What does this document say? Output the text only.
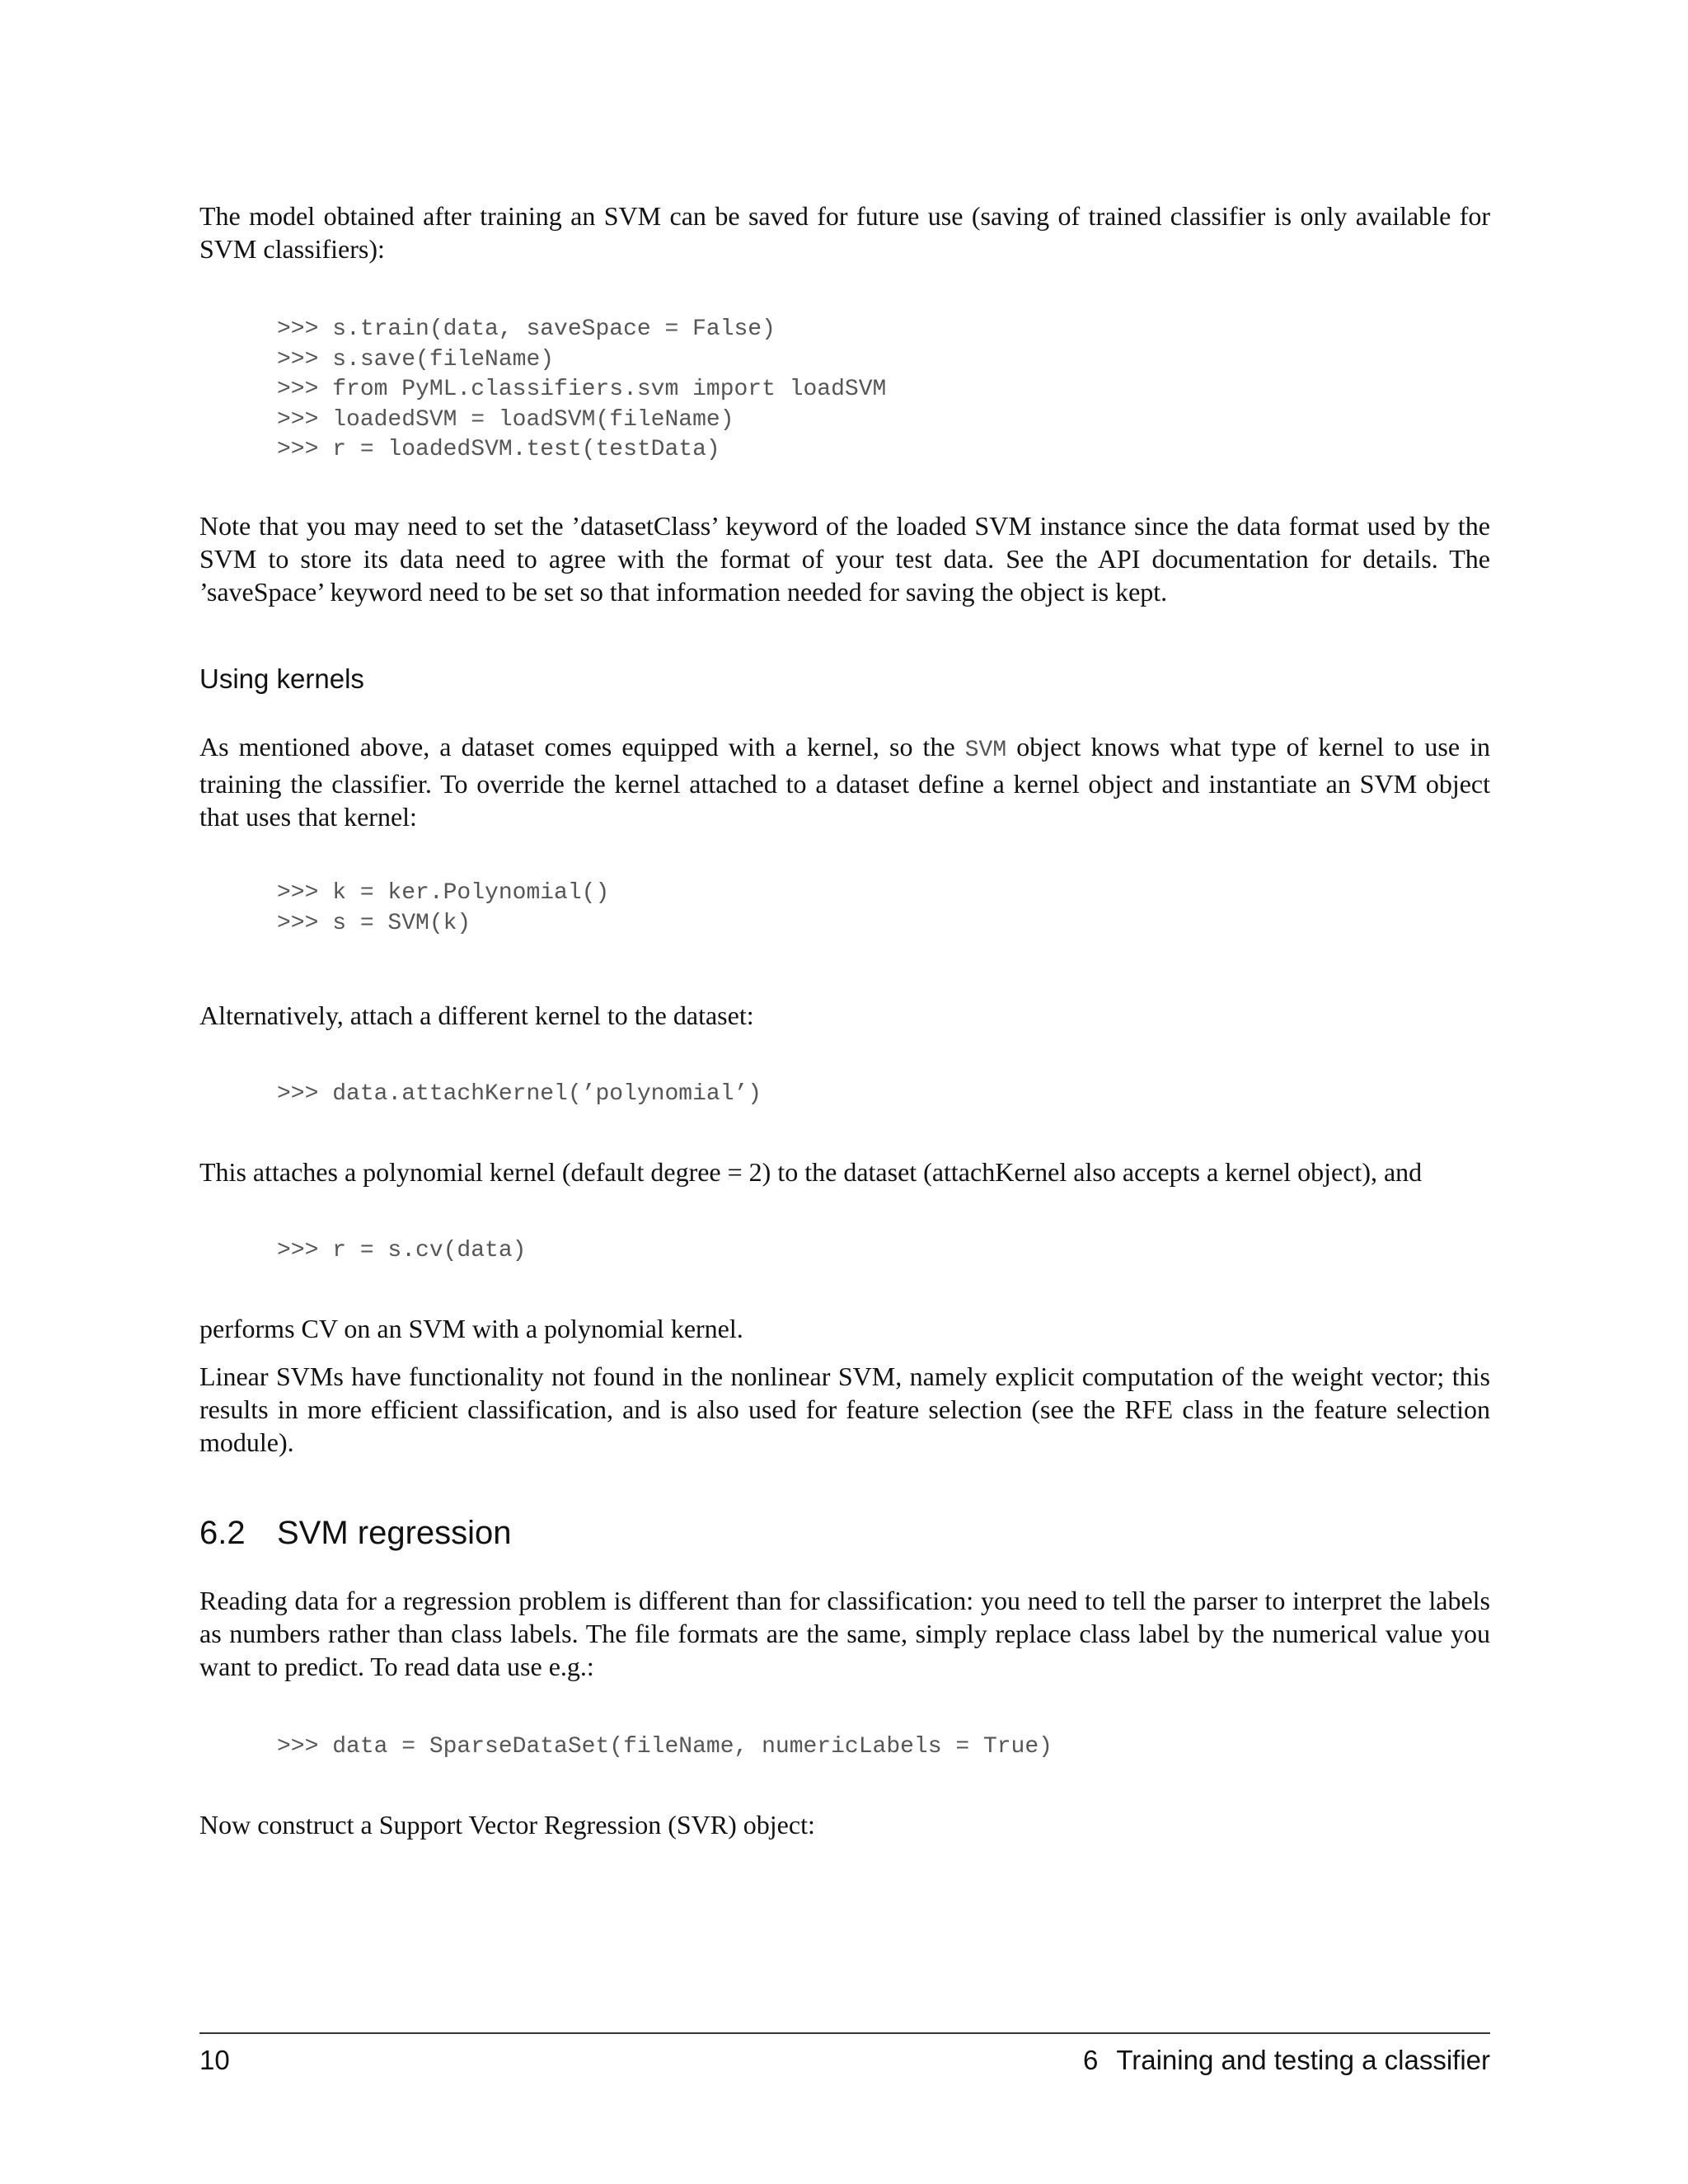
The model obtained after training an SVM can be saved for future use (saving of trained classifier is only available for SVM classifiers):

>>> s.train(data, saveSpace = False)
>>> s.save(fileName)
>>> from PyML.classifiers.svm import loadSVM
>>> loadedSVM = loadSVM(fileName)
>>> r = loadedSVM.test(testData)

Note that you may need to set the ’datasetClass’ keyword of the loaded SVM instance since the data format used by the SVM to store its data need to agree with the format of your test data. See the API documentation for details. The ’saveSpace’ keyword need to be set so that information needed for saving the object is kept.

Using kernels

As mentioned above, a dataset comes equipped with a kernel, so the SVM object knows what type of kernel to use in training the classifier. To override the kernel attached to a dataset define a kernel object and instantiate an SVM object that uses that kernel:

>>> k = ker.Polynomial()
>>> s = SVM(k)

Alternatively, attach a different kernel to the dataset:

>>> data.attachKernel(’polynomial’)

This attaches a polynomial kernel (default degree = 2) to the dataset (attachKernel also accepts a kernel object), and

>>> r = s.cv(data)

performs CV on an SVM with a polynomial kernel.

Linear SVMs have functionality not found in the nonlinear SVM, namely explicit computation of the weight vector; this results in more efficient classification, and is also used for feature selection (see the RFE class in the feature selection module).

6.2 SVM regression

Reading data for a regression problem is different than for classification: you need to tell the parser to interpret the labels as numbers rather than class labels. The file formats are the same, simply replace class label by the numerical value you want to predict. To read data use e.g.:

>>> data = SparseDataSet(fileName, numericLabels = True)

Now construct a Support Vector Regression (SVR) object:

10	6 Training and testing a classifier
